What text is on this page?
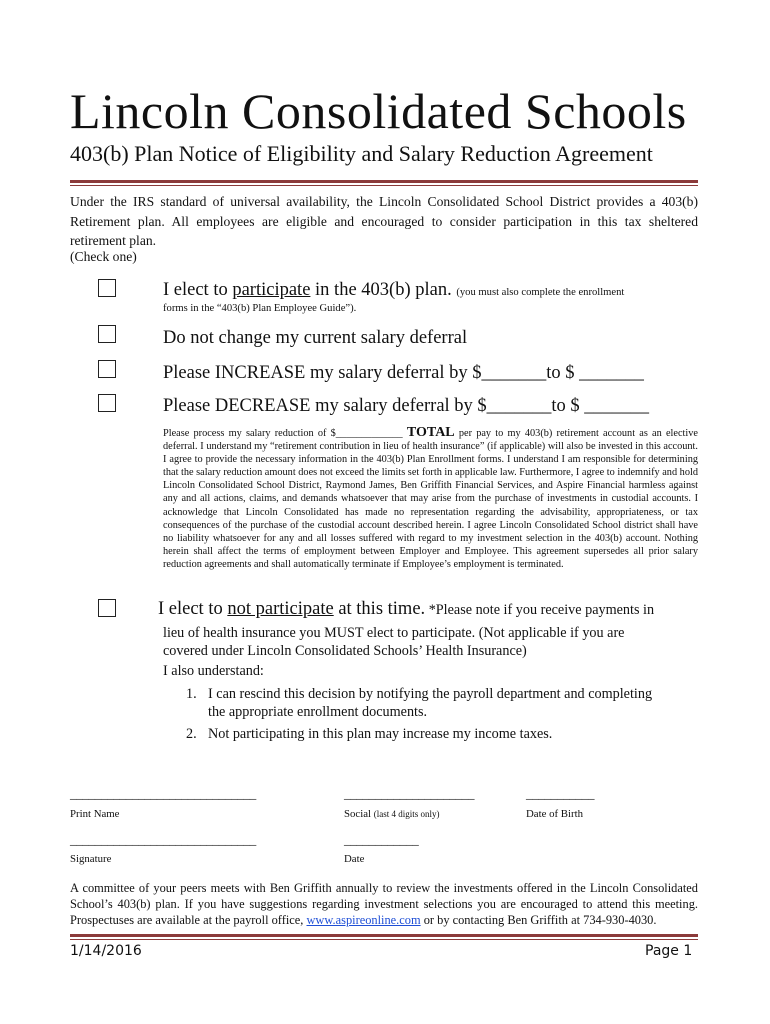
Lincoln Consolidated Schools
403(b) Plan Notice of Eligibility and Salary Reduction Agreement
Under the IRS standard of universal availability, the Lincoln Consolidated School District provides a 403(b) Retirement plan. All employees are eligible and encouraged to consider participation in this tax sheltered retirement plan.
(Check one)
I elect to participate in the 403(b) plan. (you must also complete the enrollment
forms in the “403(b) Plan Employee Guide”).
Do not change my current salary deferral
Please INCREASE my salary deferral by $_______to $ _______
Please DECREASE my salary deferral by $_______to $ _______
Please process my salary reduction of $_____________ TOTAL per pay to my 403(b) retirement account as an elective deferral. I understand my “retirement contribution in lieu of health insurance” (if applicable) will also be invested in this account. I agree to provide the necessary information in the 403(b) Plan Enrollment forms. I understand I am responsible for determining that the salary reduction amount does not exceed the limits set forth in applicable law. Furthermore, I agree to indemnify and hold Lincoln Consolidated School District, Raymond James, Ben Griffith Financial Services, and Aspire Financial harmless against any and all actions, claims, and demands whatsoever that may arise from the purchase of investments in custodial accounts. I acknowledge that Lincoln Consolidated has made no representation regarding the advisability, appropriateness, or tax consequences of the purchase of the custodial account described herein. I agree Lincoln Consolidated School district shall have no liability whatsoever for any and all losses suffered with regard to my investment selection in the 403(b) account. Nothing herein shall affect the terms of employment between Employer and Employee. This agreement supersedes all prior salary reduction agreements and shall automatically terminate if Employee’s employment is terminated.
I elect to not participate at this time. *Please note if you receive payments in
lieu of health insurance you MUST elect to participate. (Not applicable if you are
covered under Lincoln Consolidated Schools’ Health Insurance)
I also understand:
1. I can rescind this decision by notifying the payroll department and completing
the appropriate enrollment documents.
2. Not participating in this plan may increase my income taxes.
______________________________	_____________________	___________
Print Name	Social (last 4 digits only)	Date of Birth
______________________________	____________
Signature	Date
A committee of your peers meets with Ben Griffith annually to review the investments offered in the Lincoln Consolidated School’s 403(b) plan. If you have suggestions regarding investment selections you are encouraged to attend this meeting. Prospectuses are available at the payroll office, www.aspireonline.com or by contacting Ben Griffith at 734-930-4030.
1/14/2016	Page 1
